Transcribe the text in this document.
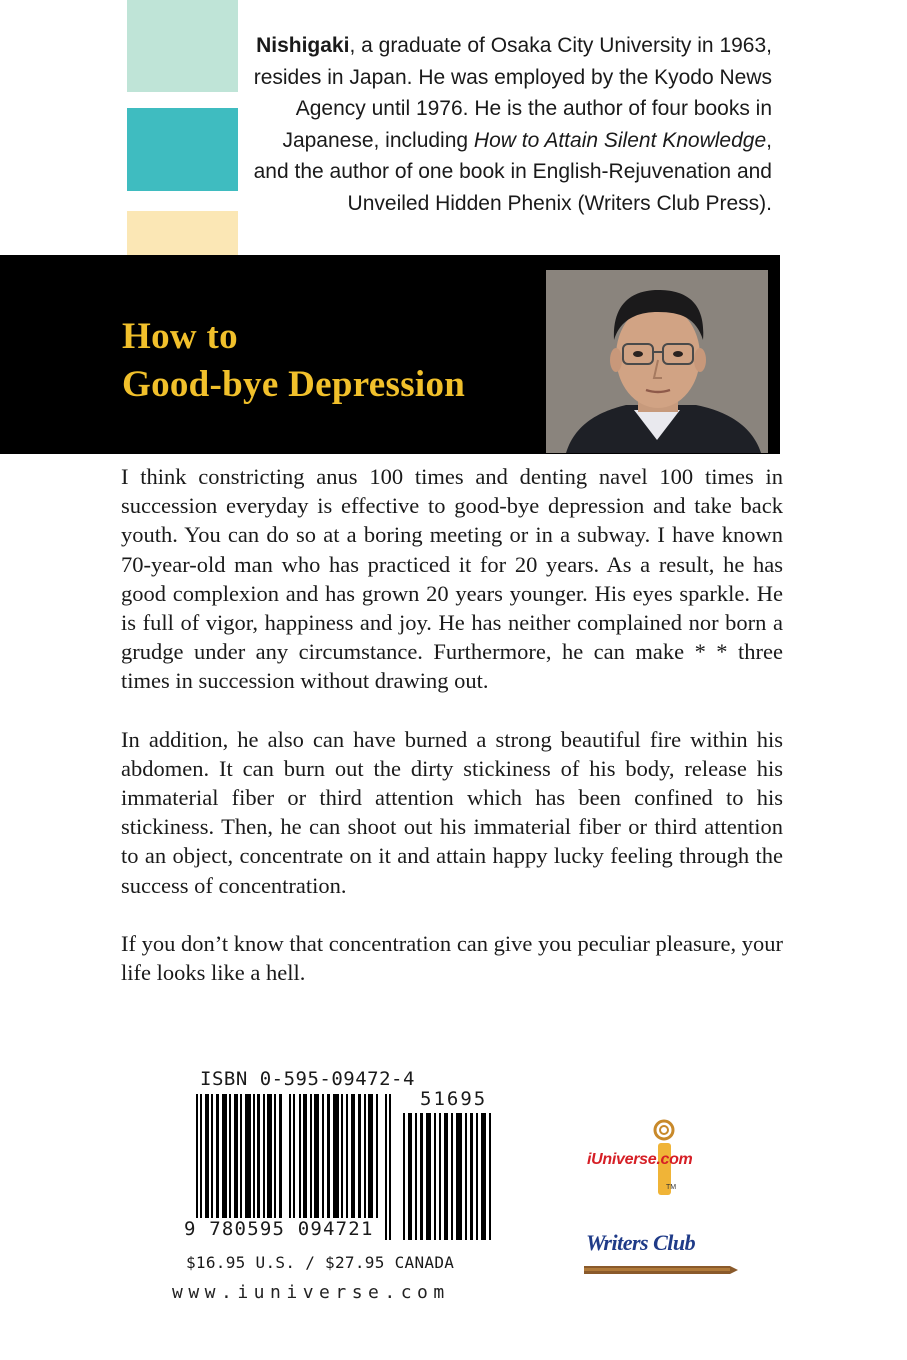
Nishigaki, a graduate of Osaka City University in 1963, resides in Japan. He was employed by the Kyodo News Agency until 1976. He is the author of four books in Japanese, including How to Attain Silent Knowledge, and the author of one book in English-Rejuvenation and Unveiled Hidden Phenix (Writers Club Press).
How to
Good-bye Depression

I think constricting anus 100 times and denting navel 100 times in succession everyday is effective to good-bye depression and take back youth. You can do so at a boring meeting or in a subway. I have known 70-year-old man who has practiced it for 20 years. As a result, he has good complexion and has grown 20 years younger. His eyes sparkle. He is full of vigor, happiness and joy. He has neither complained nor born a grudge under any circumstance. Furthermore, he can make * * three times in succession without drawing out.

In addition, he also can have burned a strong beautiful fire within his abdomen. It can burn out the dirty stickiness of his body, release his immaterial fiber or third attention which has been confined to his stickiness. Then, he can shoot out his immaterial fiber or third attention to an object, concentrate on it and attain happy lucky feeling through the success of concentration.

If you don’t know that concentration can give you peculiar pleasure, your life looks like a hell.

ISBN 0-595-09472-4
51695
9 780595 094721
$16.95 U.S. / $27.95 CANADA
www.iuniverse.com
iUniverse.com
TM
Writers Club
